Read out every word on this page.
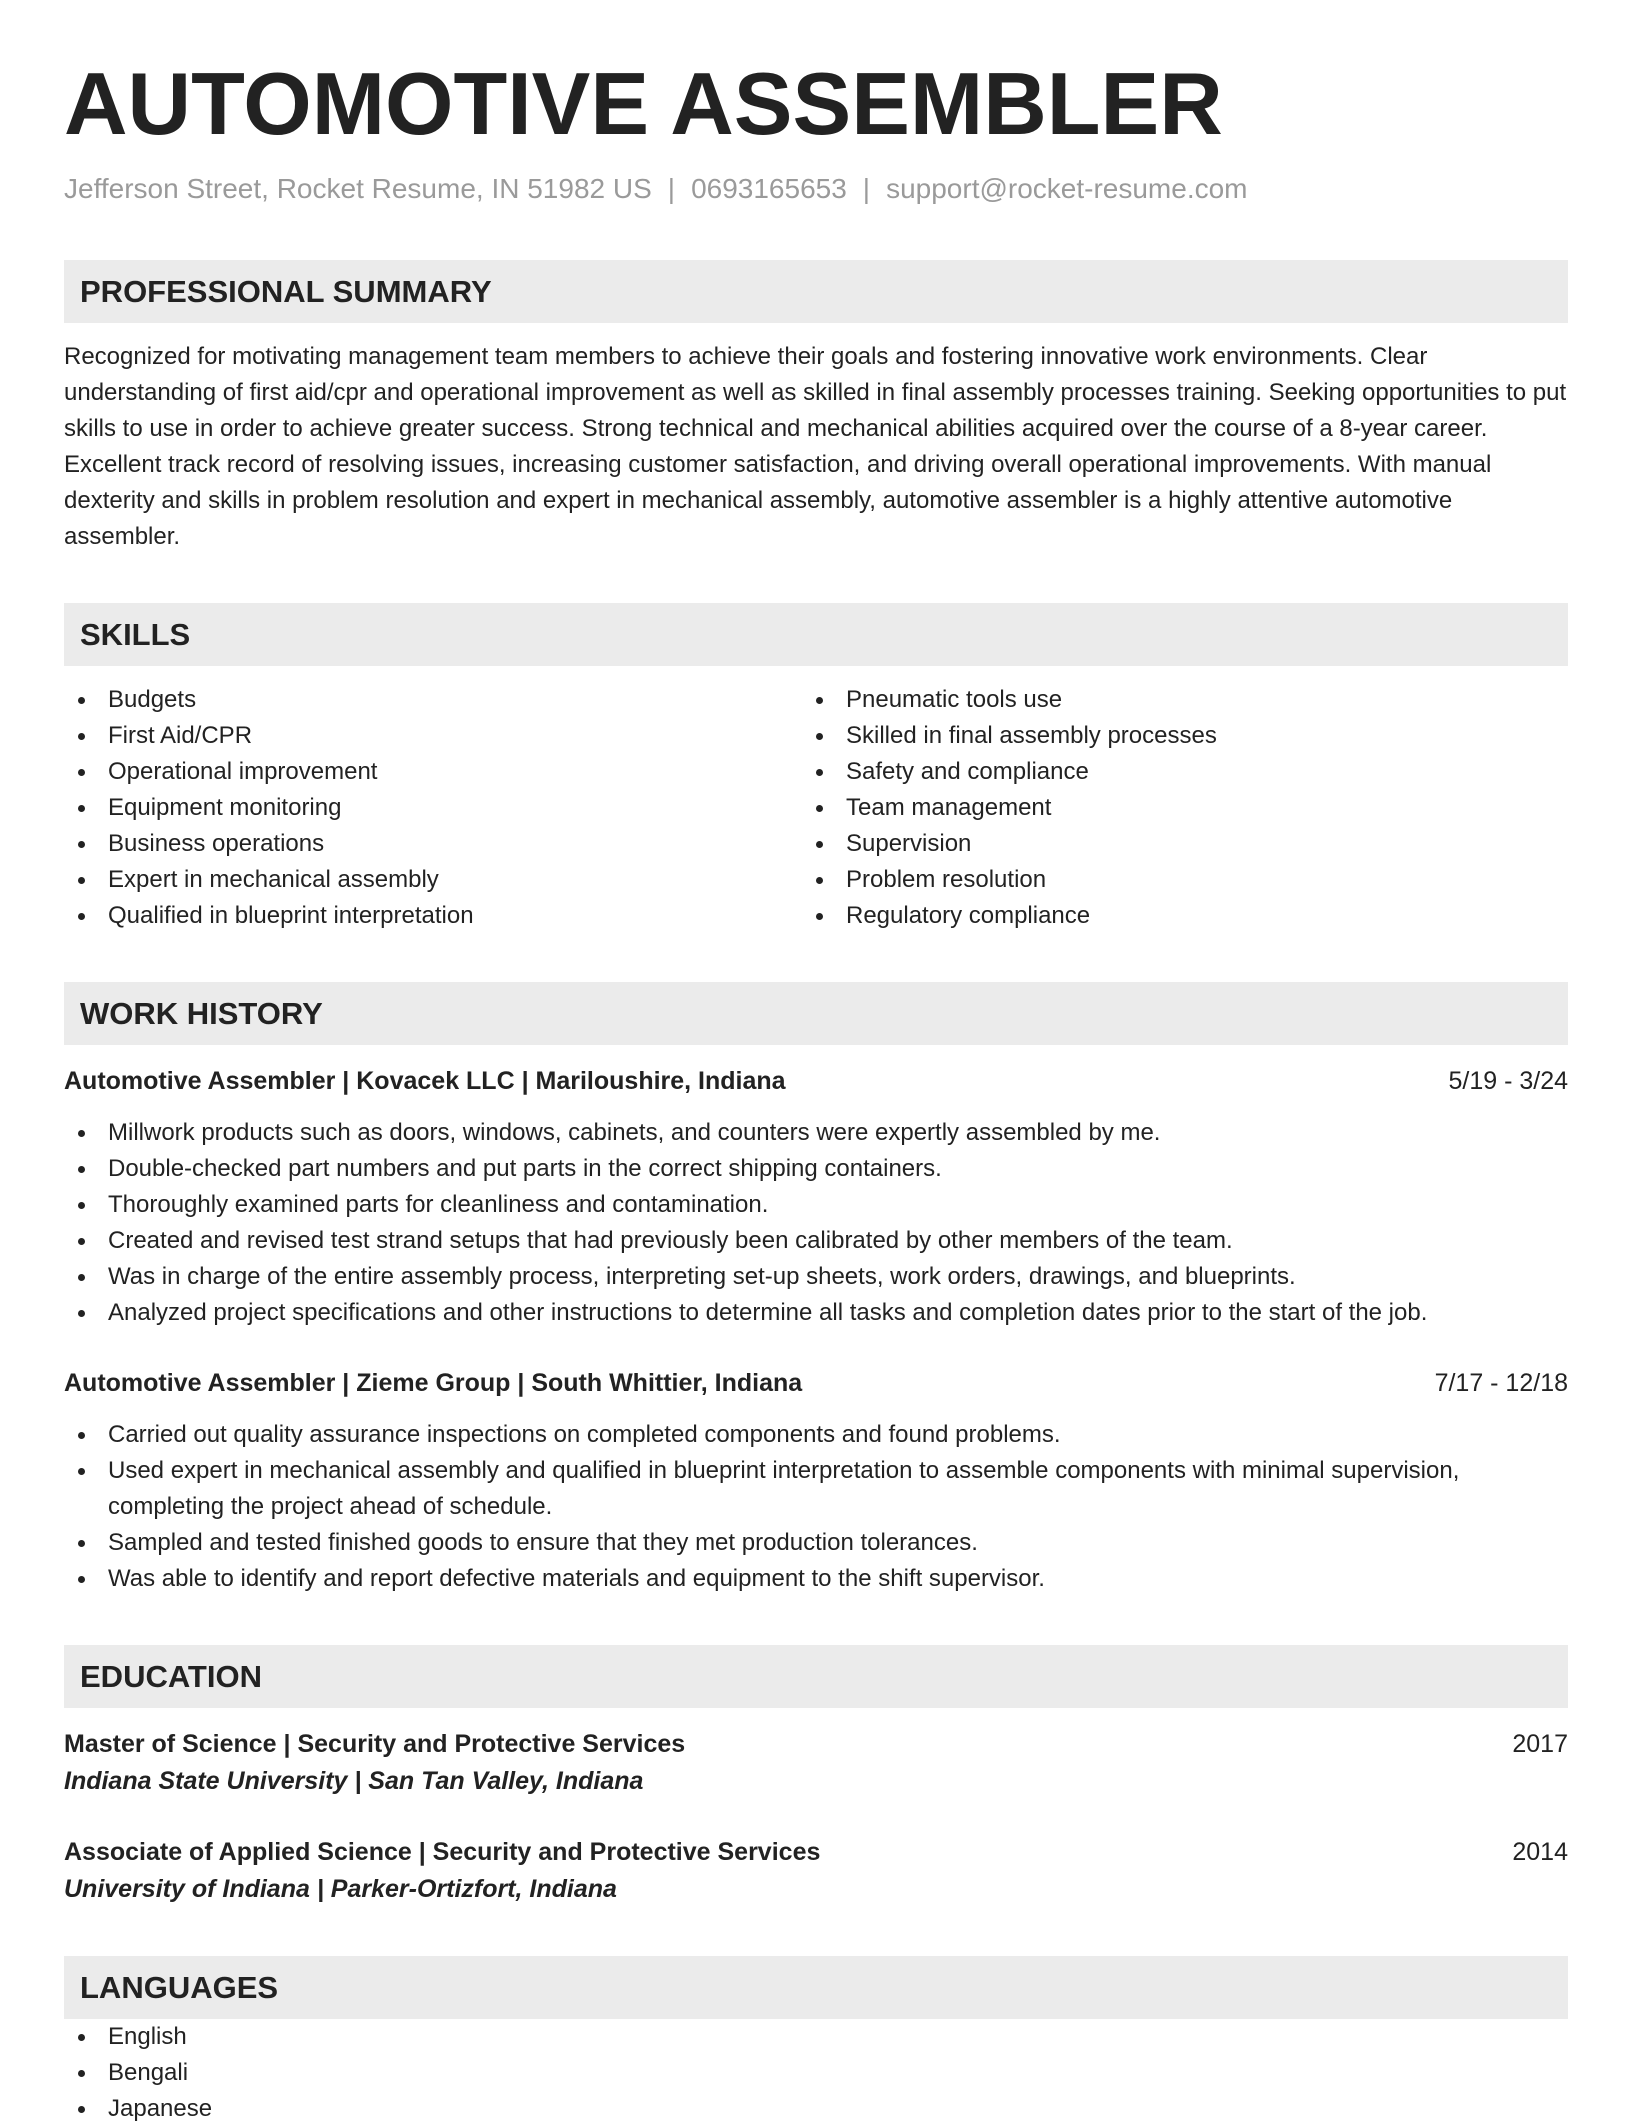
AUTOMOTIVE ASSEMBLER
Jefferson Street, Rocket Resume, IN 51982 US | 0693165653 | support@rocket-resume.com
PROFESSIONAL SUMMARY
Recognized for motivating management team members to achieve their goals and fostering innovative work environments. Clear understanding of first aid/cpr and operational improvement as well as skilled in final assembly processes training. Seeking opportunities to put skills to use in order to achieve greater success. Strong technical and mechanical abilities acquired over the course of a 8-year career. Excellent track record of resolving issues, increasing customer satisfaction, and driving overall operational improvements. With manual dexterity and skills in problem resolution and expert in mechanical assembly, automotive assembler is a highly attentive automotive assembler.
SKILLS
Budgets
First Aid/CPR
Operational improvement
Equipment monitoring
Business operations
Expert in mechanical assembly
Qualified in blueprint interpretation
Pneumatic tools use
Skilled in final assembly processes
Safety and compliance
Team management
Supervision
Problem resolution
Regulatory compliance
WORK HISTORY
Automotive Assembler | Kovacek LLC | Mariloushire, Indiana	5/19 - 3/24
Millwork products such as doors, windows, cabinets, and counters were expertly assembled by me.
Double-checked part numbers and put parts in the correct shipping containers.
Thoroughly examined parts for cleanliness and contamination.
Created and revised test strand setups that had previously been calibrated by other members of the team.
Was in charge of the entire assembly process, interpreting set-up sheets, work orders, drawings, and blueprints.
Analyzed project specifications and other instructions to determine all tasks and completion dates prior to the start of the job.
Automotive Assembler | Zieme Group | South Whittier, Indiana	7/17 - 12/18
Carried out quality assurance inspections on completed components and found problems.
Used expert in mechanical assembly and qualified in blueprint interpretation to assemble components with minimal supervision, completing the project ahead of schedule.
Sampled and tested finished goods to ensure that they met production tolerances.
Was able to identify and report defective materials and equipment to the shift supervisor.
EDUCATION
Master of Science | Security and Protective Services	2017
Indiana State University | San Tan Valley, Indiana
Associate of Applied Science | Security and Protective Services	2014
University of Indiana | Parker-Ortizfort, Indiana
LANGUAGES
English
Bengali
Japanese
